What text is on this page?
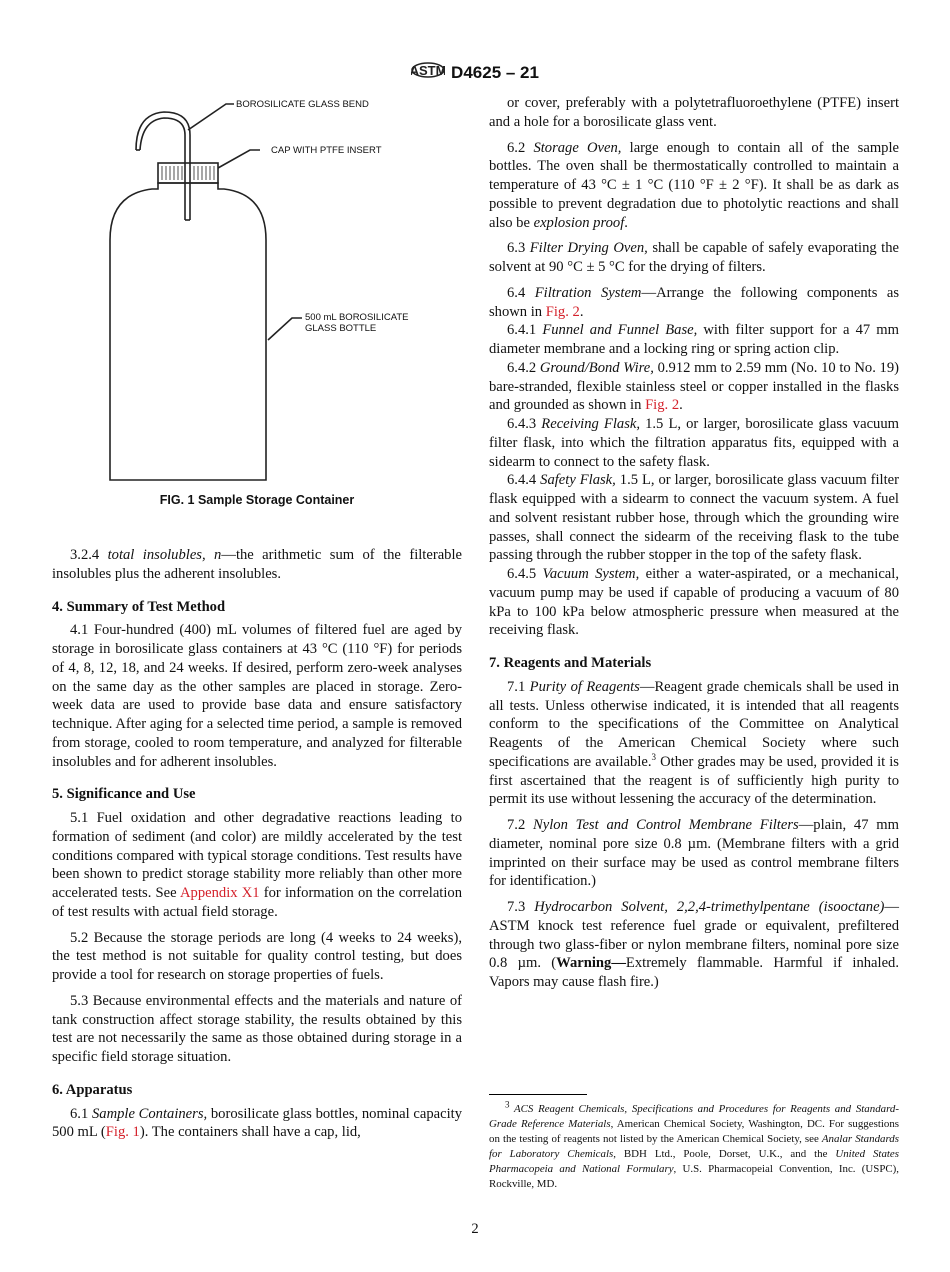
ASTM D4625 – 21
BOROSILICATE GLASS BEND
CAP WITH PTFE INSERT
500 mL BOROSILICATE
GLASS BOTTLE
FIG. 1 Sample Storage Container

3.2.4 total insolubles, n—the arithmetic sum of the filterable insolubles plus the adherent insolubles.

4. Summary of Test Method

4.1 Four-hundred (400) mL volumes of filtered fuel are aged by storage in borosilicate glass containers at 43 °C (110 °F) for periods of 4, 8, 12, 18, and 24 weeks. If desired, perform zero-week analyses on the same day as the other samples are placed in storage. Zero-week data are used to provide base data and ensure satisfactory technique. After aging for a selected time period, a sample is removed from storage, cooled to room temperature, and analyzed for filterable insolubles and for adherent insolubles.

5. Significance and Use

5.1 Fuel oxidation and other degradative reactions leading to formation of sediment (and color) are mildly accelerated by the test conditions compared with typical storage conditions. Test results have been shown to predict storage stability more reliably than other more accelerated tests. See Appendix X1 for information on the correlation of test results with actual field storage.

5.2 Because the storage periods are long (4 weeks to 24 weeks), the test method is not suitable for quality control testing, but does provide a tool for research on storage properties of fuels.

5.3 Because environmental effects and the materials and nature of tank construction affect storage stability, the results obtained by this test are not necessarily the same as those obtained during storage in a specific field storage situation.

6. Apparatus

6.1 Sample Containers, borosilicate glass bottles, nominal capacity 500 mL (Fig. 1). The containers shall have a cap, lid,

or cover, preferably with a polytetrafluoroethylene (PTFE) insert and a hole for a borosilicate glass vent.

6.2 Storage Oven, large enough to contain all of the sample bottles. The oven shall be thermostatically controlled to maintain a temperature of 43 °C ± 1 °C (110 °F ± 2 °F). It shall be as dark as possible to prevent degradation due to photolytic reactions and shall also be explosion proof.

6.3 Filter Drying Oven, shall be capable of safely evaporating the solvent at 90 °C ± 5 °C for the drying of filters.

6.4 Filtration System—Arrange the following components as shown in Fig. 2.

6.4.1 Funnel and Funnel Base, with filter support for a 47 mm diameter membrane and a locking ring or spring action clip.

6.4.2 Ground/Bond Wire, 0.912 mm to 2.59 mm (No. 10 to No. 19) bare-stranded, flexible stainless steel or copper installed in the flasks and grounded as shown in Fig. 2.

6.4.3 Receiving Flask, 1.5 L, or larger, borosilicate glass vacuum filter flask, into which the filtration apparatus fits, equipped with a sidearm to connect to the safety flask.

6.4.4 Safety Flask, 1.5 L, or larger, borosilicate glass vacuum filter flask equipped with a sidearm to connect the vacuum system. A fuel and solvent resistant rubber hose, through which the grounding wire passes, shall connect the sidearm of the receiving flask to the tube passing through the rubber stopper in the top of the safety flask.

6.4.5 Vacuum System, either a water-aspirated, or a mechanical, vacuum pump may be used if capable of producing a vacuum of 80 kPa to 100 kPa below atmospheric pressure when measured at the receiving flask.

7. Reagents and Materials

7.1 Purity of Reagents—Reagent grade chemicals shall be used in all tests. Unless otherwise indicated, it is intended that all reagents conform to the specifications of the Committee on Analytical Reagents of the American Chemical Society where such specifications are available.$^3$ Other grades may be used, provided it is first ascertained that the reagent is of sufficiently high purity to permit its use without lessening the accuracy of the determination.

7.2 Nylon Test and Control Membrane Filters—plain, 47 mm diameter, nominal pore size 0.8 µm. (Membrane filters with a grid imprinted on their surface may be used as control membrane filters for identification.)

7.3 Hydrocarbon Solvent, 2,2,4-trimethylpentane (isooctane)—ASTM knock test reference fuel grade or equivalent, prefiltered through two glass-fiber or nylon membrane filters, nominal pore size 0.8 µm. (Warning—Extremely flammable. Harmful if inhaled. Vapors may cause flash fire.)

$^3$ ACS Reagent Chemicals, Specifications and Procedures for Reagents and Standard-Grade Reference Materials, American Chemical Society, Washington, DC. For suggestions on the testing of reagents not listed by the American Chemical Society, see Analar Standards for Laboratory Chemicals, BDH Ltd., Poole, Dorset, U.K., and the United States Pharmacopeia and National Formulary, U.S. Pharmacopeial Convention, Inc. (USPC), Rockville, MD.

2
